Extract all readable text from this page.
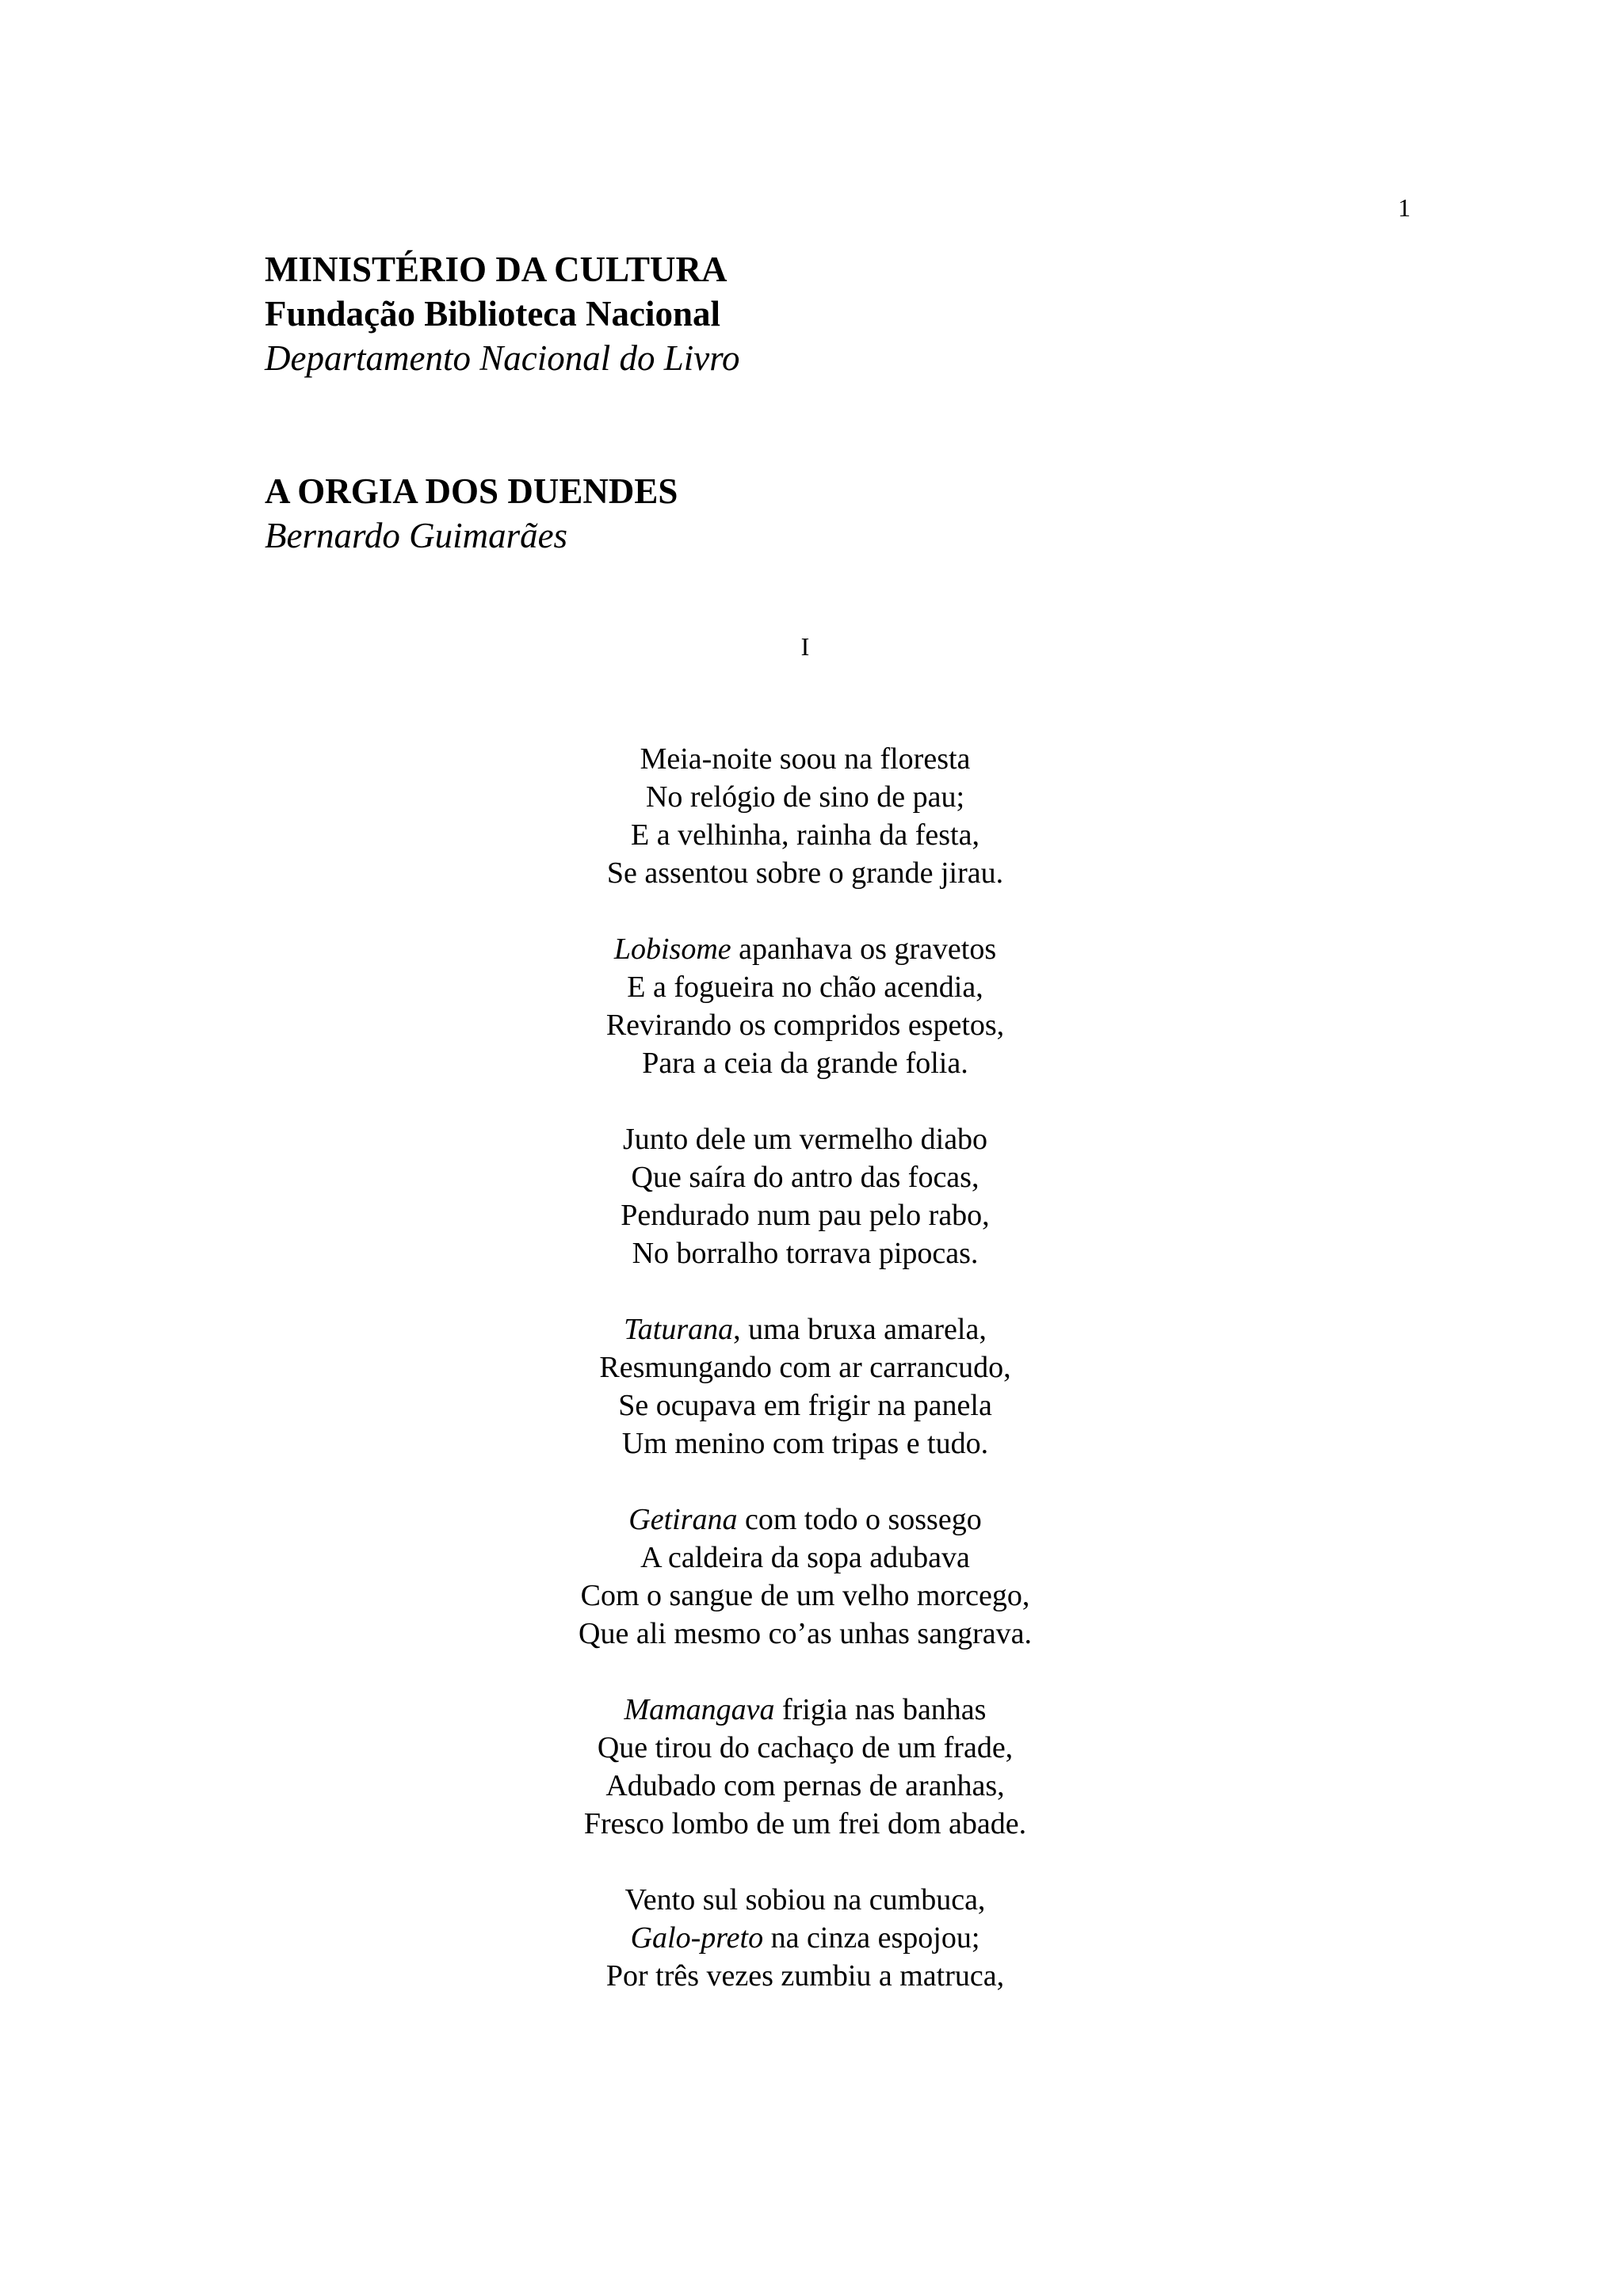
1
MINISTÉRIO DA CULTURA
Fundação Biblioteca Nacional
Departamento Nacional do Livro
A ORGIA DOS DUENDES
Bernardo Guimarães
I
Meia-noite soou na floresta
No relógio de sino de pau;
E a velhinha, rainha da festa,
Se assentou sobre o grande jirau.
Lobisome apanhava os gravetos
E a fogueira no chão acendia,
Revirando os compridos espetos,
Para a ceia da grande folia.
Junto dele um vermelho diabo
Que saíra do antro das focas,
Pendurado num pau pelo rabo,
No borralho torrava pipocas.
Taturana, uma bruxa amarela,
Resmungando com ar carrancudo,
Se ocupava em frigir na panela
Um menino com tripas e tudo.
Getirana com todo o sossego
A caldeira da sopa adubava
Com o sangue de um velho morcego,
Que ali mesmo co’as unhas sangrava.
Mamangava frigia nas banhas
Que tirou do cachaço de um frade,
Adubado com pernas de aranhas,
Fresco lombo de um frei dom abade.
Vento sul sobiou na cumbuca,
Galo-preto na cinza espojou;
Por três vezes zumbiu a matruca,
